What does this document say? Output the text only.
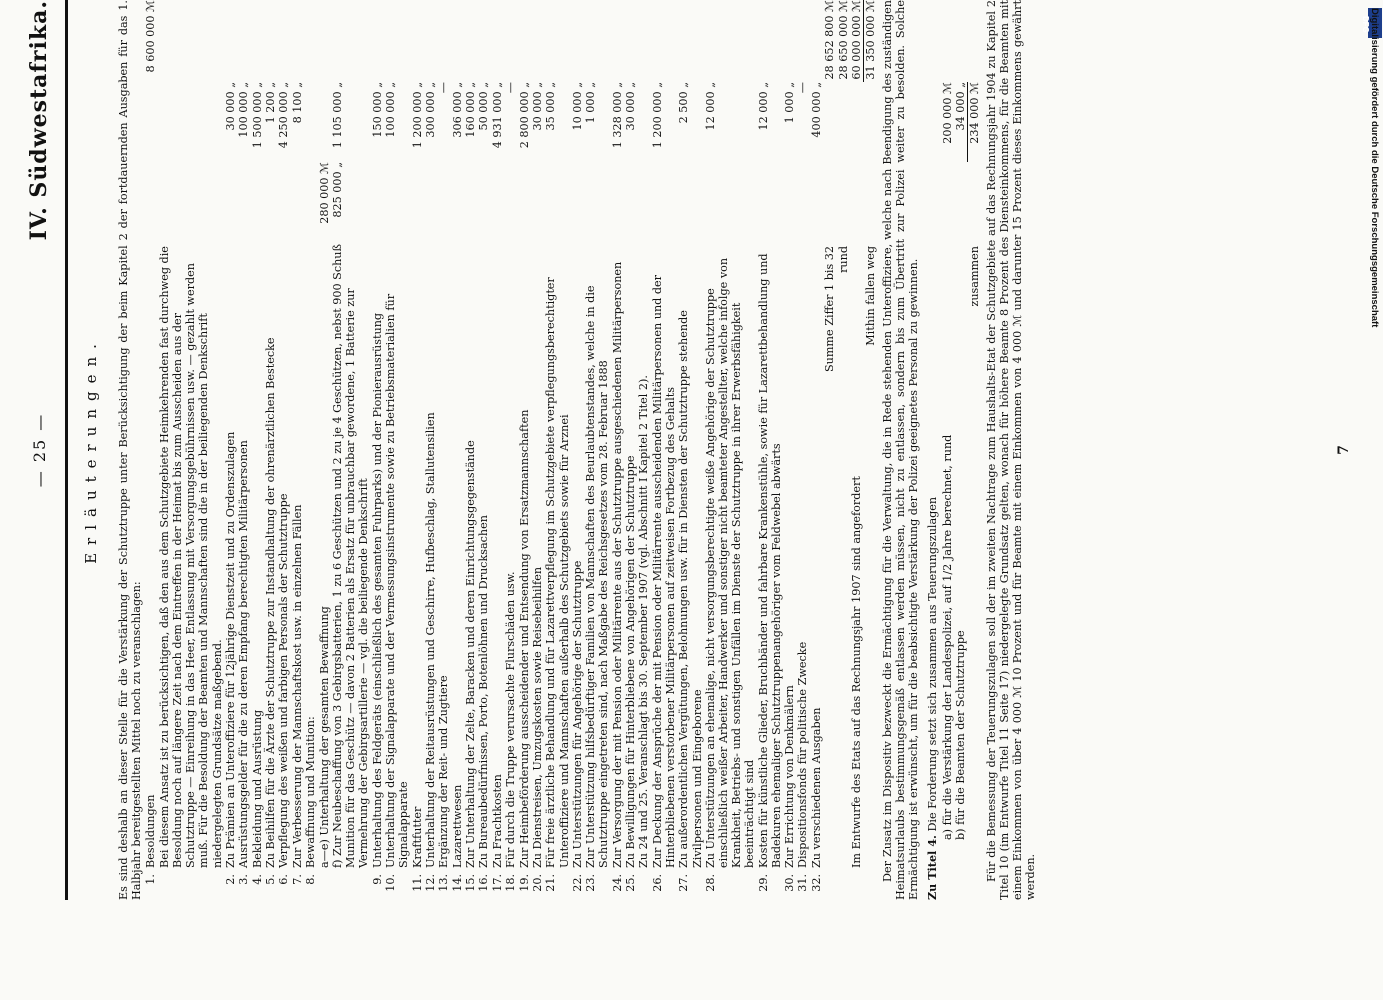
— 25 —
IV. Südwestafrika.
Erläuterungen. Es sind deshalb an dieser Stelle für die Verstärkung der Schutztruppe unter Berücksichtigung der beim Kapitel 2 der fortdauernden Ausgaben für das 1. Halbjahr bereitgestellten Mittel noch zu veranschlagen: 1.
Besoldungen
8 600 000 ℳ
Bei diesem Ansatz ist zu berücksichtigen, daß den aus dem Schutzgebiete Heimkehrenden fast durchweg die Besoldung noch auf längere Zeit nach dem Eintreffen in der Heimat bis zum Ausscheiden aus der Schutztruppe — Einreihung in das Heer, Entlassung mit Versorgungsgebührnissen usw. — gezahlt werden muß. Für die Besoldung der Beamten und Mannschaften sind die in der beiliegenden Denkschrift niedergelegten Grundsätze maßgebend.
2.
Zu Prämien an Unteroffiziere für 12jährige Dienstzeit und zu Ordenszulagen
30 000 „
3.
Ausrüstungsgelder für die zu deren Empfang berechtigten Militärpersonen
100 000 „
4.
Bekleidung und Ausrüstung
1 500 000 „
5.
Zu Beihilfen für die Ärzte der Schutztruppe zur Instandhaltung der ohrenärztlichen Bestecke
1 200 „
6.
Verpflegung des weißen und farbigen Personals der Schutztruppe
4 250 000 „
7.
Zur Verbesserung der Mannschaftskost usw. in einzelnen Fällen
8 100 „
8.
Bewaffnung und Munition: a—e) Unterhaltung der gesamten Bewaffnung
280 000 ℳ
f) Zur Neubeschaffung von 3 Gebirgsbatterien, 1 zu 6 Geschützen und 2 zu je 4 Geschützen, nebst 900 Schuß Munition für das Geschütz — davon 2 Batterien als Ersatz für unbrauchbar gewordene, 1 Batterie zur Vermehrung der Gebirgsartillerie — vgl. die beiliegende Denkschrift
825 000 „
1 105 000 „
9.
Unterhaltung des Feldgeräts (einschließlich des gesamten Fuhrparks) und der Pionierausrüstung
150 000 „
10.
Unterhaltung der Signalapparate und der Vermessungsinstrumente sowie zu Betriebsmaterialien für Signalapparate
100 000 „
11.
Kraftfutter
1 200 000 „
12.
Unterhaltung der Reitausrüstungen und Geschirre, Hufbeschlag, Stallutensilien
300 000 „
13.
Ergänzung der Reit- und Zugtiere
—
14.
Lazarettwesen
306 000 „
15.
Zur Unterhaltung der Zelte, Baracken und deren Einrichtungsgegenstände
160 000 „
16.
Zu Bureaubedürfnissen, Porto, Botenlöhnen und Drucksachen
50 000 „
17.
Zu Frachtkosten
4 931 000 „
18.
Für durch die Truppe verursachte Flurschäden usw.
—
19.
Zur Heimbeförderung ausscheidender und Entsendung von Ersatzmannschaften
2 800 000 „
20.
Zu Dienstreisen, Umzugskosten sowie Reisebeihilfen
30 000 „
21.
Für freie ärztliche Behandlung und für Lazarettverpflegung im Schutzgebiete verpflegungsberechtigter Unteroffiziere und Mannschaften außerhalb des Schutzgebiets sowie für Arznei
35 000 „
22.
Zu Unterstützungen für Angehörige der Schutztruppe
10 000 „
23.
Zur Unterstützung hilfsbedürftiger Familien von Mannschaften des Beurlaubtenstandes, welche in die Schutztruppe eingetreten sind, nach Maßgabe des Reichsgesetzes vom 28. Februar 1888
1 000 „
24.
Zur Versorgung der mit Pension oder Militärrente aus der Schutztruppe ausgeschiedenen Militärpersonen
1 328 000 „
25.
Zu Bewilligungen für Hinterbliebene von Angehörigen der Schutztruppe
30 000 „
Zu 24 und 25. Veranschlagt bis 30. September 1907 (vgl. Abschnitt I Kapitel 2 Titel 2).
26.
Zur Deckung der Ansprüche der mit Pension oder Militärrente ausscheidenden Militärpersonen und der Hinterbliebenen verstorbener Militärpersonen auf zeitweisen Fortbezug des Gehalts
1 200 000 „
27.
Zu außerordentlichen Vergütungen, Belohnungen usw. für in Diensten der Schutztruppe stehende Zivilpersonen und Eingeborene
2 500 „
28.
Zu Unterstützungen an ehemalige, nicht versorgungsberechtigte weiße Angehörige der Schutztruppe einschließlich weißer Arbeiter, Handwerker und sonstiger nicht beamteter Angestellter, welche infolge von Krankheit, Betriebs- und sonstigen Unfällen im Dienste der Schutztruppe in ihrer Erwerbsfähigkeit beeinträchtigt sind
12 000 „
29.
Kosten für künstliche Glieder, Bruchbänder und fahrbare Krankenstühle, sowie für Lazarettbehandlung und Badekuren ehemaliger Schutztruppenangehöriger vom Feldwebel abwärts
12 000 „
30.
Zur Errichtung von Denkmälern
1 000 „
31.
Dispositionsfonds für politische Zwecke
—
32.
Zu verschiedenen Ausgaben
400 000 „
Summe Ziffer 1 bis 32
28 652 800 ℳ
rund
28 650 000 ℳ
Im Entwurfe des Etats auf das Rechnungsjahr 1907 sind angefordert
60 000 000 ℳ
Mithin fallen weg
31 350 000 ℳ Der Zusatz im Dispositiv bezweckt die Ermächtigung für die Verwaltung, die in Rede stehenden Unteroffiziere, welche nach Beendigung des zuständigen Heimatsurlaubs bestimmungsgemäß entlassen werden müssen, nicht zu entlassen, sondern bis zum Übertritt zur Polizei weiter zu besolden. Solche Ermächtigung ist erwünscht, um für die beabsichtigte Verstärkung der Polizei geeignetes Personal zu gewinnen. Zu Titel 4. Die Forderung setzt sich zusammen aus Teuerungszulagen a) für die Verstärkung der Landespolizei, auf 1/2 Jahre berechnet, rund
200 000 ℳ
b) für die Beamten der Schutztruppe
34 000 „
zusammen
234 000 ℳ Für die Bemessung der Teuerungszulagen soll der im zweiten Nachtrage zum Haushalts-Etat der Schutzgebiete auf das Rechnungsjahr 1904 zu Kapitel 2 Titel 10 (im Entwurfe Titel 11 Seite 17) niedergelegte Grundsatz gelten, wonach für höhere Beamte 8 Prozent des Diensteinkommens, für die Beamten mit einem Einkommen von über 4 000 ℳ 10 Prozent und für Beamte mit einem Einkommen von 4 000 ℳ und darunter 15 Prozent dieses Einkommens gewährt werden.

7
DFG Digitalisierung gefördert durch die Deutsche Forschungsgemeinschaft
